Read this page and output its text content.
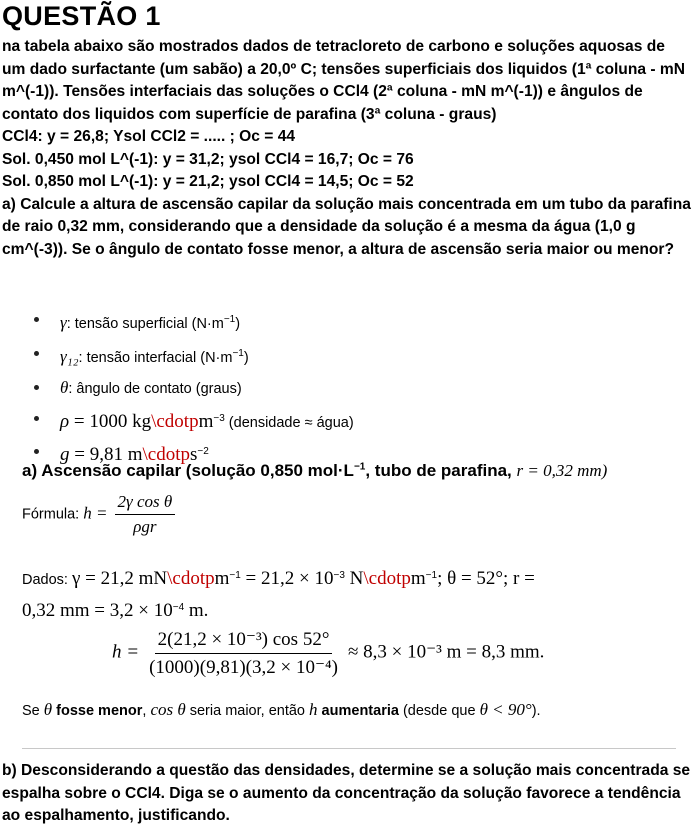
QUESTÃO 1

na tabela abaixo são mostrados dados de tetracloreto de carbono e soluções aquosas de um dado surfactante (um sabão) a 20,0º C; tensões superficiais dos liquidos (1ª coluna - mN m^(-1)). Tensões interfaciais das soluções o CCl4 (2ª coluna - mN m^(-1)) e ângulos de contato dos liquidos com superfície de parafina (3ª coluna - graus)

CCl4: y = 26,8; Ysol CCl2 = ..... ; Oc = 44

Sol. 0,450 mol L^(-1): y = 31,2; ysol CCl4 = 16,7; Oc = 76

Sol. 0,850 mol L^(-1): y = 21,2; ysol CCl4 = 14,5; Oc = 52

a) Calcule a altura de ascensão capilar da solução mais concentrada em um tubo da parafina de raio 0,32 mm, considerando que a densidade da solução é a mesma da água (1,0 g cm^(-3)). Se o ângulo de contato fosse menor, a altura de ascensão seria maior ou menor?

γ: tensão superficial $(N\cdot m^{-1})$
γ₁₂: tensão interfacial $(N\cdot m^{-1})$
θ: ângulo de contato (graus)
ρ = 1000 kg\cdotpm$^{-3}$ (densidade ≈ água)
g = 9,81 m\cdotps$^{-2}$
a) Ascensão capilar (solução 0,850 $mol\cdot L^{-1}$, tubo de parafina, r = 0,32 mm)
Fórmula: $h = \frac{\text{2γ cos θ}}{\text{ρgr}}$
Dados: γ = 21,2 mN\cdotpm$^{-1}$ = $21,2 \times 10^{-3}$ N\cdotpm$^{-1}$; θ = 52°; r =
0,32 mm = $3,2 \times 10^{-4}$ m.
$h = \frac{\text{2(21,2 × 10⁻³) cos 52°}}{\text{(1000)(9,81)(3,2 × 10⁻⁴)}} \approx 8,3 \times 10^{-3}$ m = 8,3 mm.
Se θ fosse menor, cos θ seria maior, então h aumentaria (desde que θ < 90°).

b) Desconsiderando a questão das densidades, determine se a solução mais concentrada se espalha sobre o CCl4. Diga se o aumento da concentração da solução favorece a tendência ao espalhamento, justificando.
